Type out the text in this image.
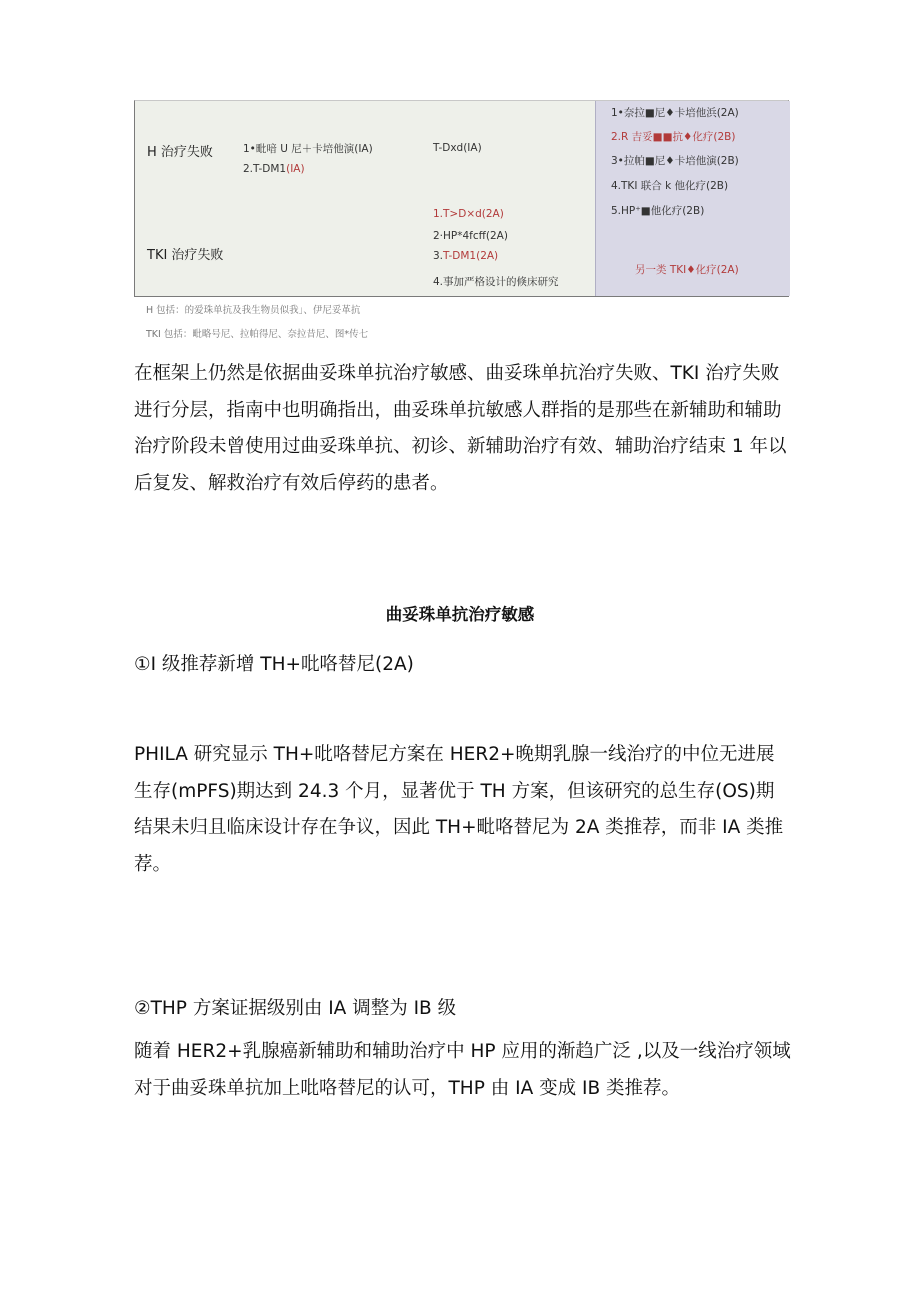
H 治疗失败	1•毗喑 U 尼＋卡培他演(IA)
2.T-DM1(IA)
T-Dxd(IA)
TKI 治疗失败
1.T>D×d(2A)
2·HP*4fcff(2A)
3.T-DM1(2A)
4.事加严格设计的倏床研究
1•奈拉■尼♦卡培他浜(2A)
2.R 吉妥■■抗♦化疗(2B)
3•拉帕■尼♦卡培他演(2B)
4.TKI 联合 k 他化疗(2B)
5.HP⁺■他化疗(2B)
另一类 TKI♦化疗(2A)
H 包括：的爱珠单抗及我生物员似我」、伊尼妥革抗
TKI 包括：毗略号尼、拉帕得尼、奈拉昔尼、图*传七

在框架上仍然是依据曲妥珠单抗治疗敏感、曲妥珠单抗治疗失败、TKI 治疗失败

进行分层，指南中也明确指出，曲妥珠单抗敏感人群指的是那些在新辅助和辅助

治疗阶段未曾使用过曲妥珠单抗、初诊、新辅助治疗有效、辅助治疗结束 1 年以

后复发、解救治疗有效后停药的患者。

曲妥珠单抗治疗敏感
①I 级推荐新增 TH+吡咯替尼(2A)

PHILA 研究显示 TH+吡咯替尼方案在 HER2+晚期乳腺一线治疗的中位无进展

生存(mPFS)期达到 24.3 个月，显著优于 TH 方案，但该研究的总生存(OS)期

结果未归且临床设计存在争议，因此 TH+毗咯替尼为 2A 类推荐，而非 IA 类推

荐。

②THP 方案证据级别由 IA 调整为 IB 级

随着 HER2+乳腺癌新辅助和辅助治疗中 HP 应用的渐趋广泛 ,以及一线治疗领域

对于曲妥珠单抗加上吡咯替尼的认可，THP 由 IA 变成 IB 类推荐。
